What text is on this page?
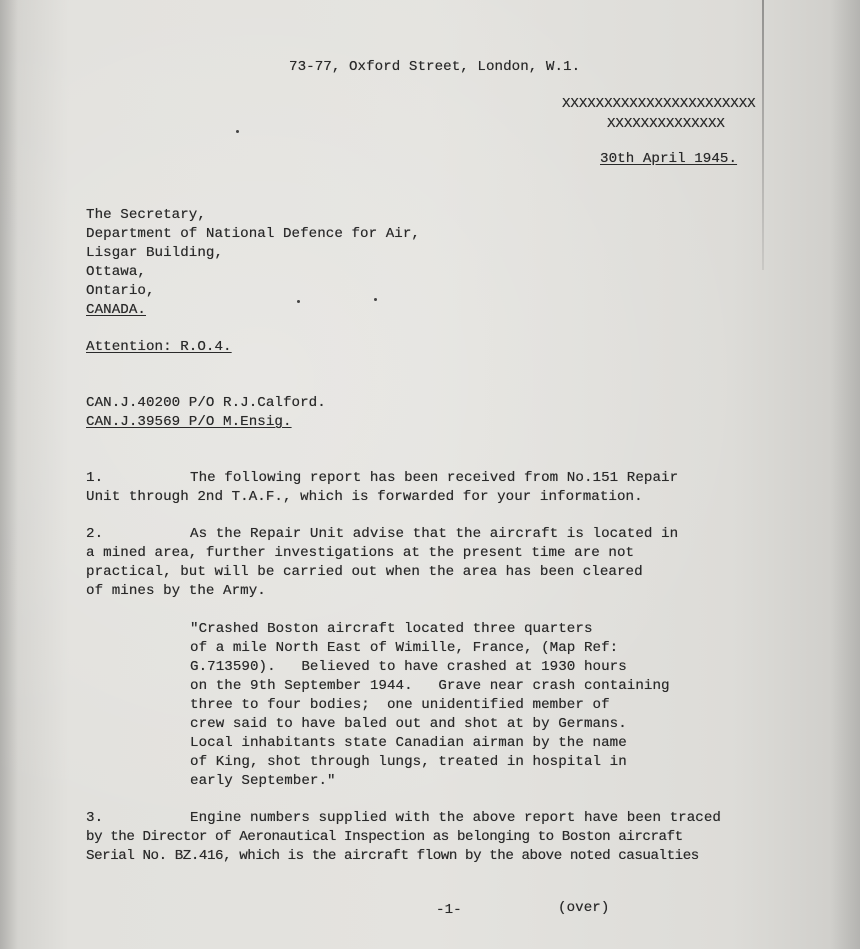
73-77, Oxford Street, London, W.1.
XXXXXXXXXXXXXXXXXXXXXXX
XXXXXXXXXXXXXX
30th April 1945.
The Secretary,
Department of National Defence for Air,
Lisgar Building,
Ottawa,
Ontario,
CANADA.
Attention: R.O.4.
CAN.J.40200 P/O R.J.Calford.
CAN.J.39569 P/O M.Ensig.
1.	The following report has been received from No.151 Repair
Unit through 2nd T.A.F., which is forwarded for your information.
2.	As the Repair Unit advise that the aircraft is located in
a mined area, further investigations at the present time are not
practical, but will be carried out when the area has been cleared
of mines by the Army.
"Crashed Boston aircraft located three quarters
of a mile North East of Wimille, France, (Map Ref:
G.713590).   Believed to have crashed at 1930 hours
on the 9th September 1944.   Grave near crash containing
three to four bodies;  one unidentified member of
crew said to have baled out and shot at by Germans.
Local inhabitants state Canadian airman by the name
of King, shot through lungs, treated in hospital in
early September."
3.	Engine numbers supplied with the above report have been traced
by the Director of Aeronautical Inspection as belonging to Boston aircraft
Serial No. BZ.416, which is the aircraft flown by the above noted casualties
-1-	(over)
